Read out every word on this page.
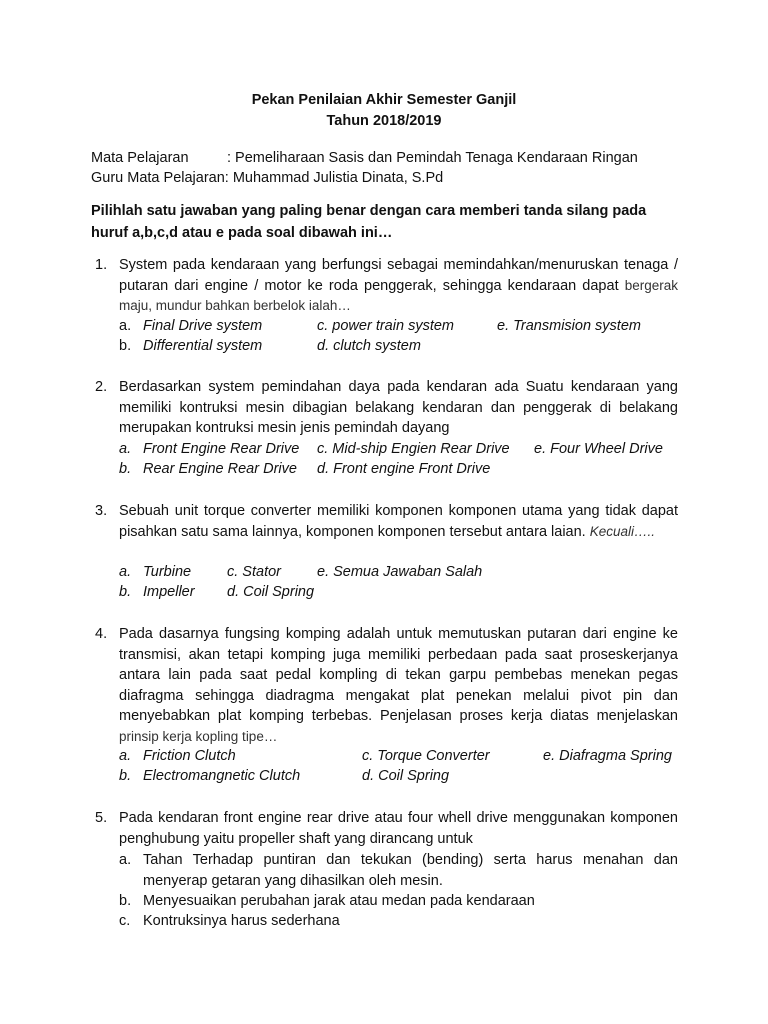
Pekan Penilaian Akhir Semester Ganjil
Tahun 2018/2019
Mata Pelajaran	: Pemeliharaan Sasis dan Pemindah Tenaga Kendaraan Ringan
Guru Mata Pelajaran: Muhammad Julistia Dinata, S.Pd
Pilihlah satu jawaban yang paling benar dengan cara memberi tanda silang pada huruf a,b,c,d atau e pada soal dibawah ini…
1. System pada kendaraan yang berfungsi sebagai memindahkan/menuruskan tenaga / putaran dari engine / motor ke roda penggerak, sehingga kendaraan dapat bergerak maju, mundur bahkan berbelok ialah…
a. Final Drive system	c. power train system	e. Transmision system
b. Differential system	d. clutch system
2. Berdasarkan system pemindahan daya pada kendaran ada Suatu kendaraan yang memiliki kontruksi mesin dibagian belakang kendaran dan penggerak di belakang merupakan kontruksi mesin jenis pemindah dayang
a. Front Engine Rear Drive c. Mid-ship Engien Rear Drive e. Four Wheel Drive
b. Rear Engine Rear Drive d. Front engine Front Drive
3. Sebuah unit torque converter memiliki komponen komponen utama yang tidak dapat pisahkan satu sama lainnya, komponen komponen tersebut antara laian. Kecuali…..
a. Turbine c. Stator e. Semua Jawaban Salah
b. Impeller d. Coil Spring
4. Pada dasarnya fungsing komping adalah untuk memutuskan putaran dari engine ke transmisi, akan tetapi komping juga memiliki perbedaan pada saat proseskerjanya antara lain pada saat pedal kompling di tekan garpu pembebas menekan pegas diafragma sehingga diadragma mengakat plat penekan melalui pivot pin dan menyebabkan plat komping terbebas. Penjelasan proses kerja diatas menjelaskan prinsip kerja kopling tipe…
a. Friction Clutch	c. Torque Converter	e. Diafragma Spring
b. Electromangnetic Clutch	d. Coil Spring
5. Pada kendaran front engine rear drive atau four whell drive menggunakan komponen penghubung yaitu propeller shaft yang dirancang untuk
a. Tahan Terhadap puntiran dan tekukan (bending) serta harus menahan dan menyerap getaran yang dihasilkan oleh mesin.
b. Menyesuaikan perubahan jarak atau medan pada kendaraan
c. Kontruksinya harus sederhana
